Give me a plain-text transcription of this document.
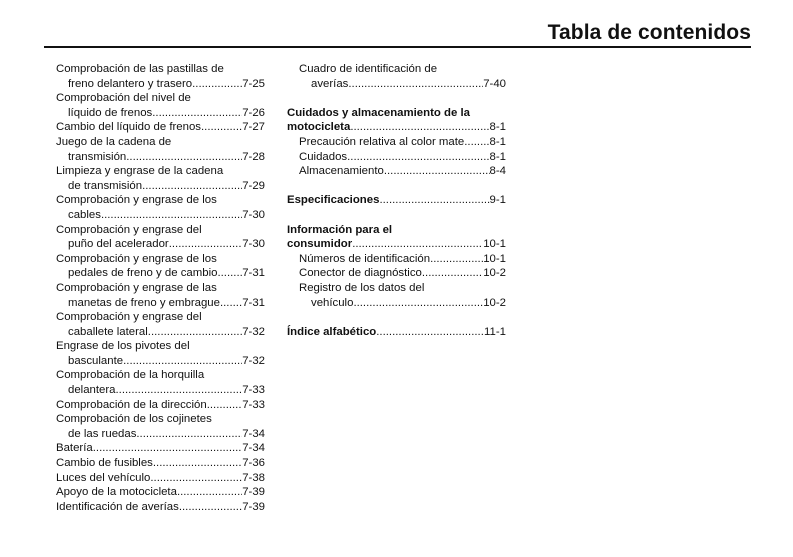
Tabla de contenidos
Comprobación de las pastillas de
freno delantero y trasero .....	7-25
Comprobación del nivel de
líquido de frenos .....	7-26
Cambio del líquido de frenos .....	7-27
Juego de la cadena de
transmisión .....	7-28
Limpieza y engrase de la cadena
de transmisión .....	7-29
Comprobación y engrase de los
cables .....	7-30
Comprobación y engrase del
puño del acelerador .....	7-30
Comprobación y engrase de los
pedales de freno y de cambio ..... 7-31
Comprobación y engrase de las
manetas de freno y embrague ..... 7-31
Comprobación y engrase del
caballete lateral .....	7-32
Engrase de los pivotes del
basculante .....	7-32
Comprobación de la horquilla
delantera .....	7-33
Comprobación de la dirección .....	7-33
Comprobación de los cojinetes
de las ruedas .....	7-34
Batería .....	7-34
Cambio de fusibles .....	7-36
Luces del vehículo .....	7-38
Apoyo de la motocicleta .....	7-39
Identificación de averías .....	7-39
Cuadro de identificación de
averías .....	7-40
Cuidados y almacenamiento de la
motocicleta .....	8-1
Precaución relativa al color mate ..... 8-1
Cuidados .....	8-1
Almacenamiento .....	8-4
Especificaciones .....	9-1
Información para el
consumidor .....	10-1
Números de identificación .....	10-1
Conector de diagnóstico .....	10-2
Registro de los datos del
vehículo .....	10-2
Índice alfabético .....	11-1
